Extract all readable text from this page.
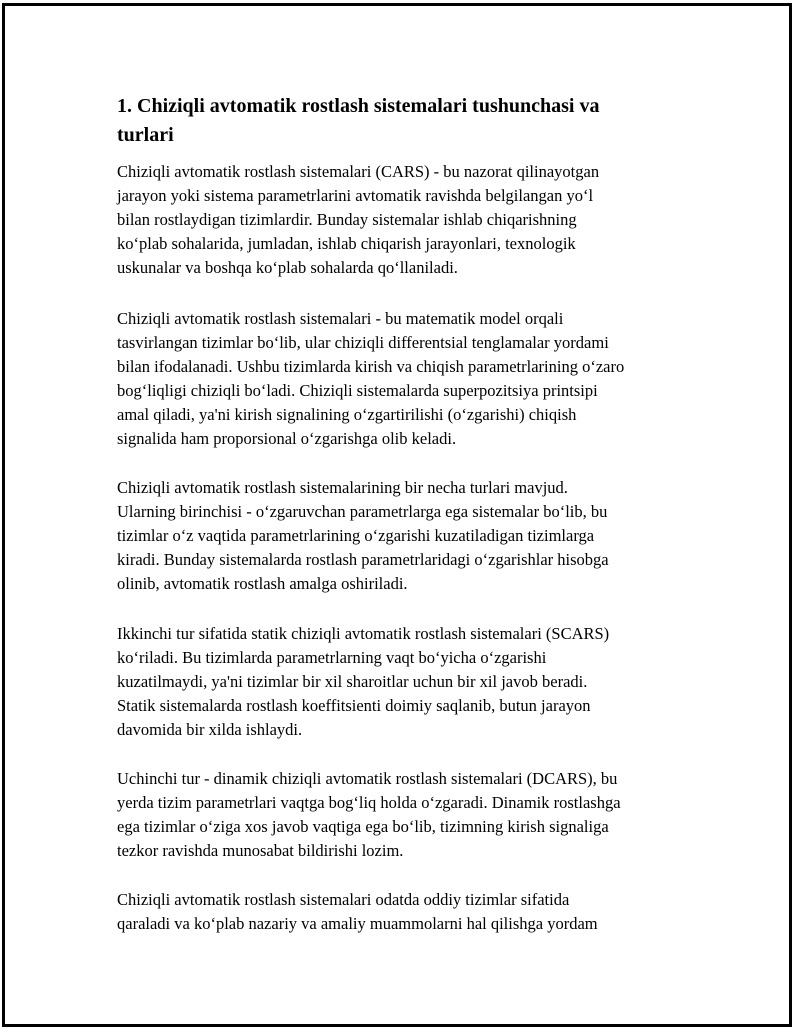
1. Chiziqli avtomatik rostlash sistemalari tushunchasi va
turlari

Chiziqli avtomatik rostlash sistemalari (CARS) - bu nazorat qilinayotgan
jarayon yoki sistema parametrlarini avtomatik ravishda belgilangan yo‘l
bilan rostlaydigan tizimlardir. Bunday sistemalar ishlab chiqarishning
ko‘plab sohalarida, jumladan, ishlab chiqarish jarayonlari, texnologik
uskunalar va boshqa ko‘plab sohalarda qo‘llaniladi.

Chiziqli avtomatik rostlash sistemalari - bu matematik model orqali
tasvirlangan tizimlar bo‘lib, ular chiziqli differentsial tenglamalar yordami
bilan ifodalanadi. Ushbu tizimlarda kirish va chiqish parametrlarining o‘zaro
bog‘liqligi chiziqli bo‘ladi. Chiziqli sistemalarda superpozitsiya printsipi
amal qiladi, ya'ni kirish signalining o‘zgartirilishi (o‘zgarishi) chiqish
signalida ham proporsional o‘zgarishga olib keladi.

Chiziqli avtomatik rostlash sistemalarining bir necha turlari mavjud.
Ularning birinchisi - o‘zgaruvchan parametrlarga ega sistemalar bo‘lib, bu
tizimlar o‘z vaqtida parametrlarining o‘zgarishi kuzatiladigan tizimlarga
kiradi. Bunday sistemalarda rostlash parametrlaridagi o‘zgarishlar hisobga
olinib, avtomatik rostlash amalga oshiriladi.

Ikkinchi tur sifatida statik chiziqli avtomatik rostlash sistemalari (SCARS)
ko‘riladi. Bu tizimlarda parametrlarning vaqt bo‘yicha o‘zgarishi
kuzatilmaydi, ya'ni tizimlar bir xil sharoitlar uchun bir xil javob beradi.
Statik sistemalarda rostlash koeffitsienti doimiy saqlanib, butun jarayon
davomida bir xilda ishlaydi.

Uchinchi tur - dinamik chiziqli avtomatik rostlash sistemalari (DCARS), bu
yerda tizim parametrlari vaqtga bog‘liq holda o‘zgaradi. Dinamik rostlashga
ega tizimlar o‘ziga xos javob vaqtiga ega bo‘lib, tizimning kirish signaliga
tezkor ravishda munosabat bildirishi lozim.

Chiziqli avtomatik rostlash sistemalari odatda oddiy tizimlar sifatida
qaraladi va ko‘plab nazariy va amaliy muammolarni hal qilishga yordam
